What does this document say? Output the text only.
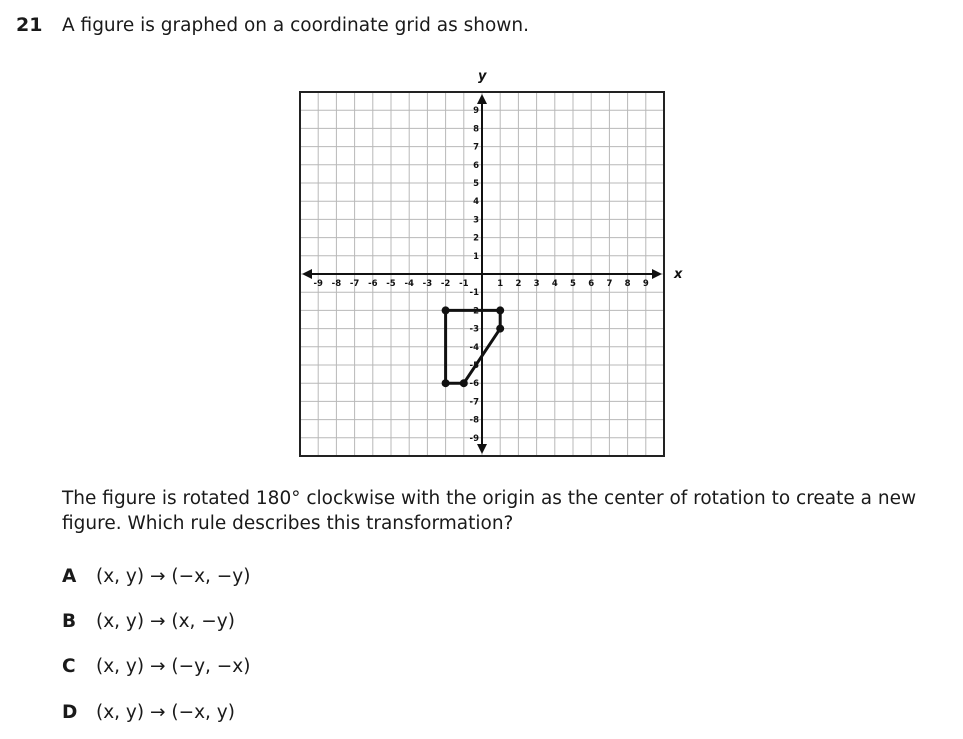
21 A figure is graphed on a coordinate grid as shown.
-9 -8 -7 -6 -5 -4 -3 -2 -1	1 2 3 4 5 6 7 8 9
9
8
7
6
5
4
3
2
1
-1
-2
-3
-4
-5
-6
-7
-8
-9
x
y
The figure is rotated 180° clockwise with the origin as the center of rotation to create a new figure. Which rule describes this transformation?
A	(x, y) → (−x, −y)
B	(x, y) → (x, −y)
C	(x, y) → (−y, −x)
D	(x, y) → (−x, y)
